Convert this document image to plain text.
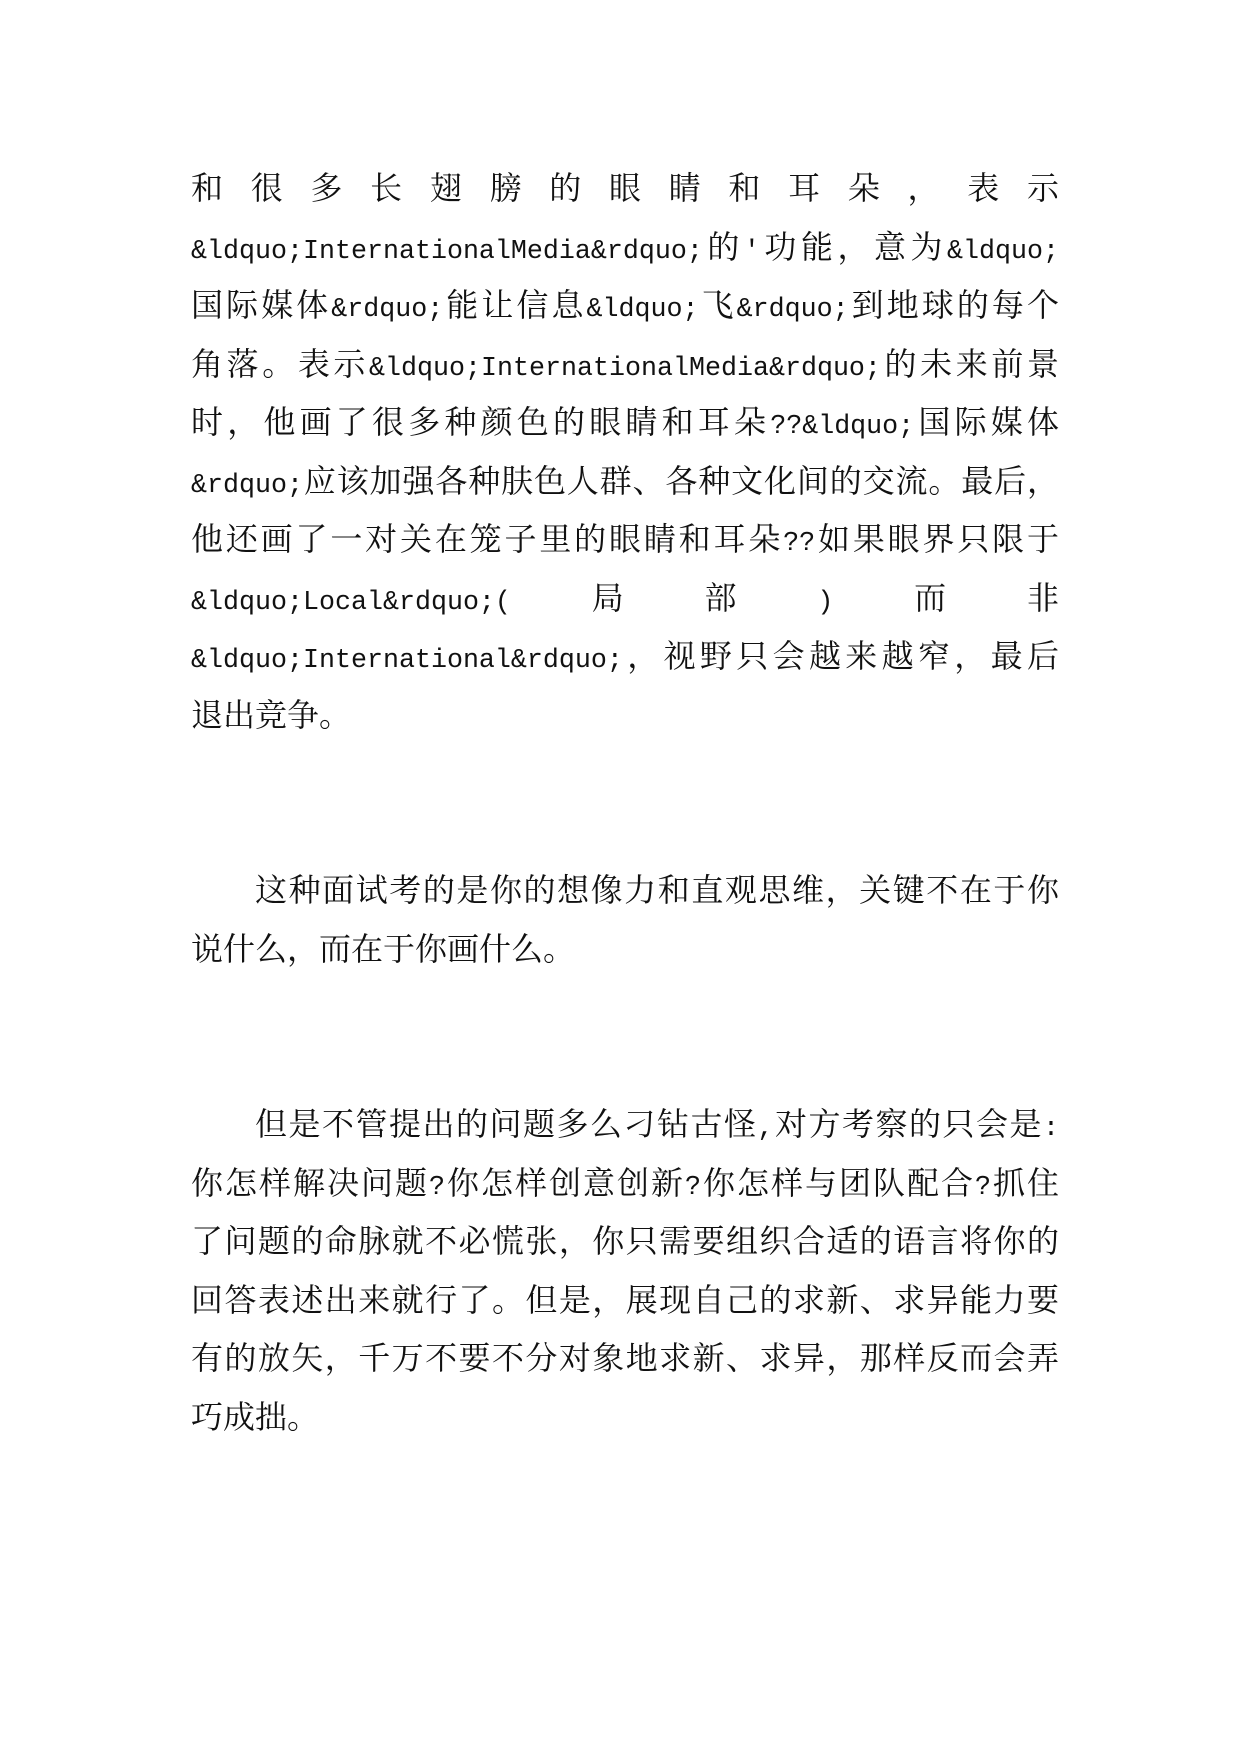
和很多长翅膀的眼睛和耳朵，表示
&ldquo;InternationalMedia&rdquo;的'功能，意为&ldquo;
国际媒体&rdquo;能让信息&ldquo;飞&rdquo;到地球的每个
角落。表示&ldquo;InternationalMedia&rdquo;的未来前景
时，他画了很多种颜色的眼睛和耳朵??&ldquo;国际媒体
&rdquo;应该加强各种肤色人群、各种文化间的交流。最后，
他还画了一对关在笼子里的眼睛和耳朵??如果眼界只限于
&ldquo;Local&rdquo;(局部)而非
&ldquo;International&rdquo;，视野只会越来越窄，最后
退出竞争。
这种面试考的是你的想像力和直观思维，关键不在于你
说什么，而在于你画什么。
但是不管提出的问题多么刁钻古怪,对方考察的只会是:
你怎样解决问题?你怎样创意创新?你怎样与团队配合?抓住
了问题的命脉就不必慌张，你只需要组织合适的语言将你的
回答表述出来就行了。但是，展现自己的求新、求异能力要
有的放矢，千万不要不分对象地求新、求异，那样反而会弄
巧成拙。
